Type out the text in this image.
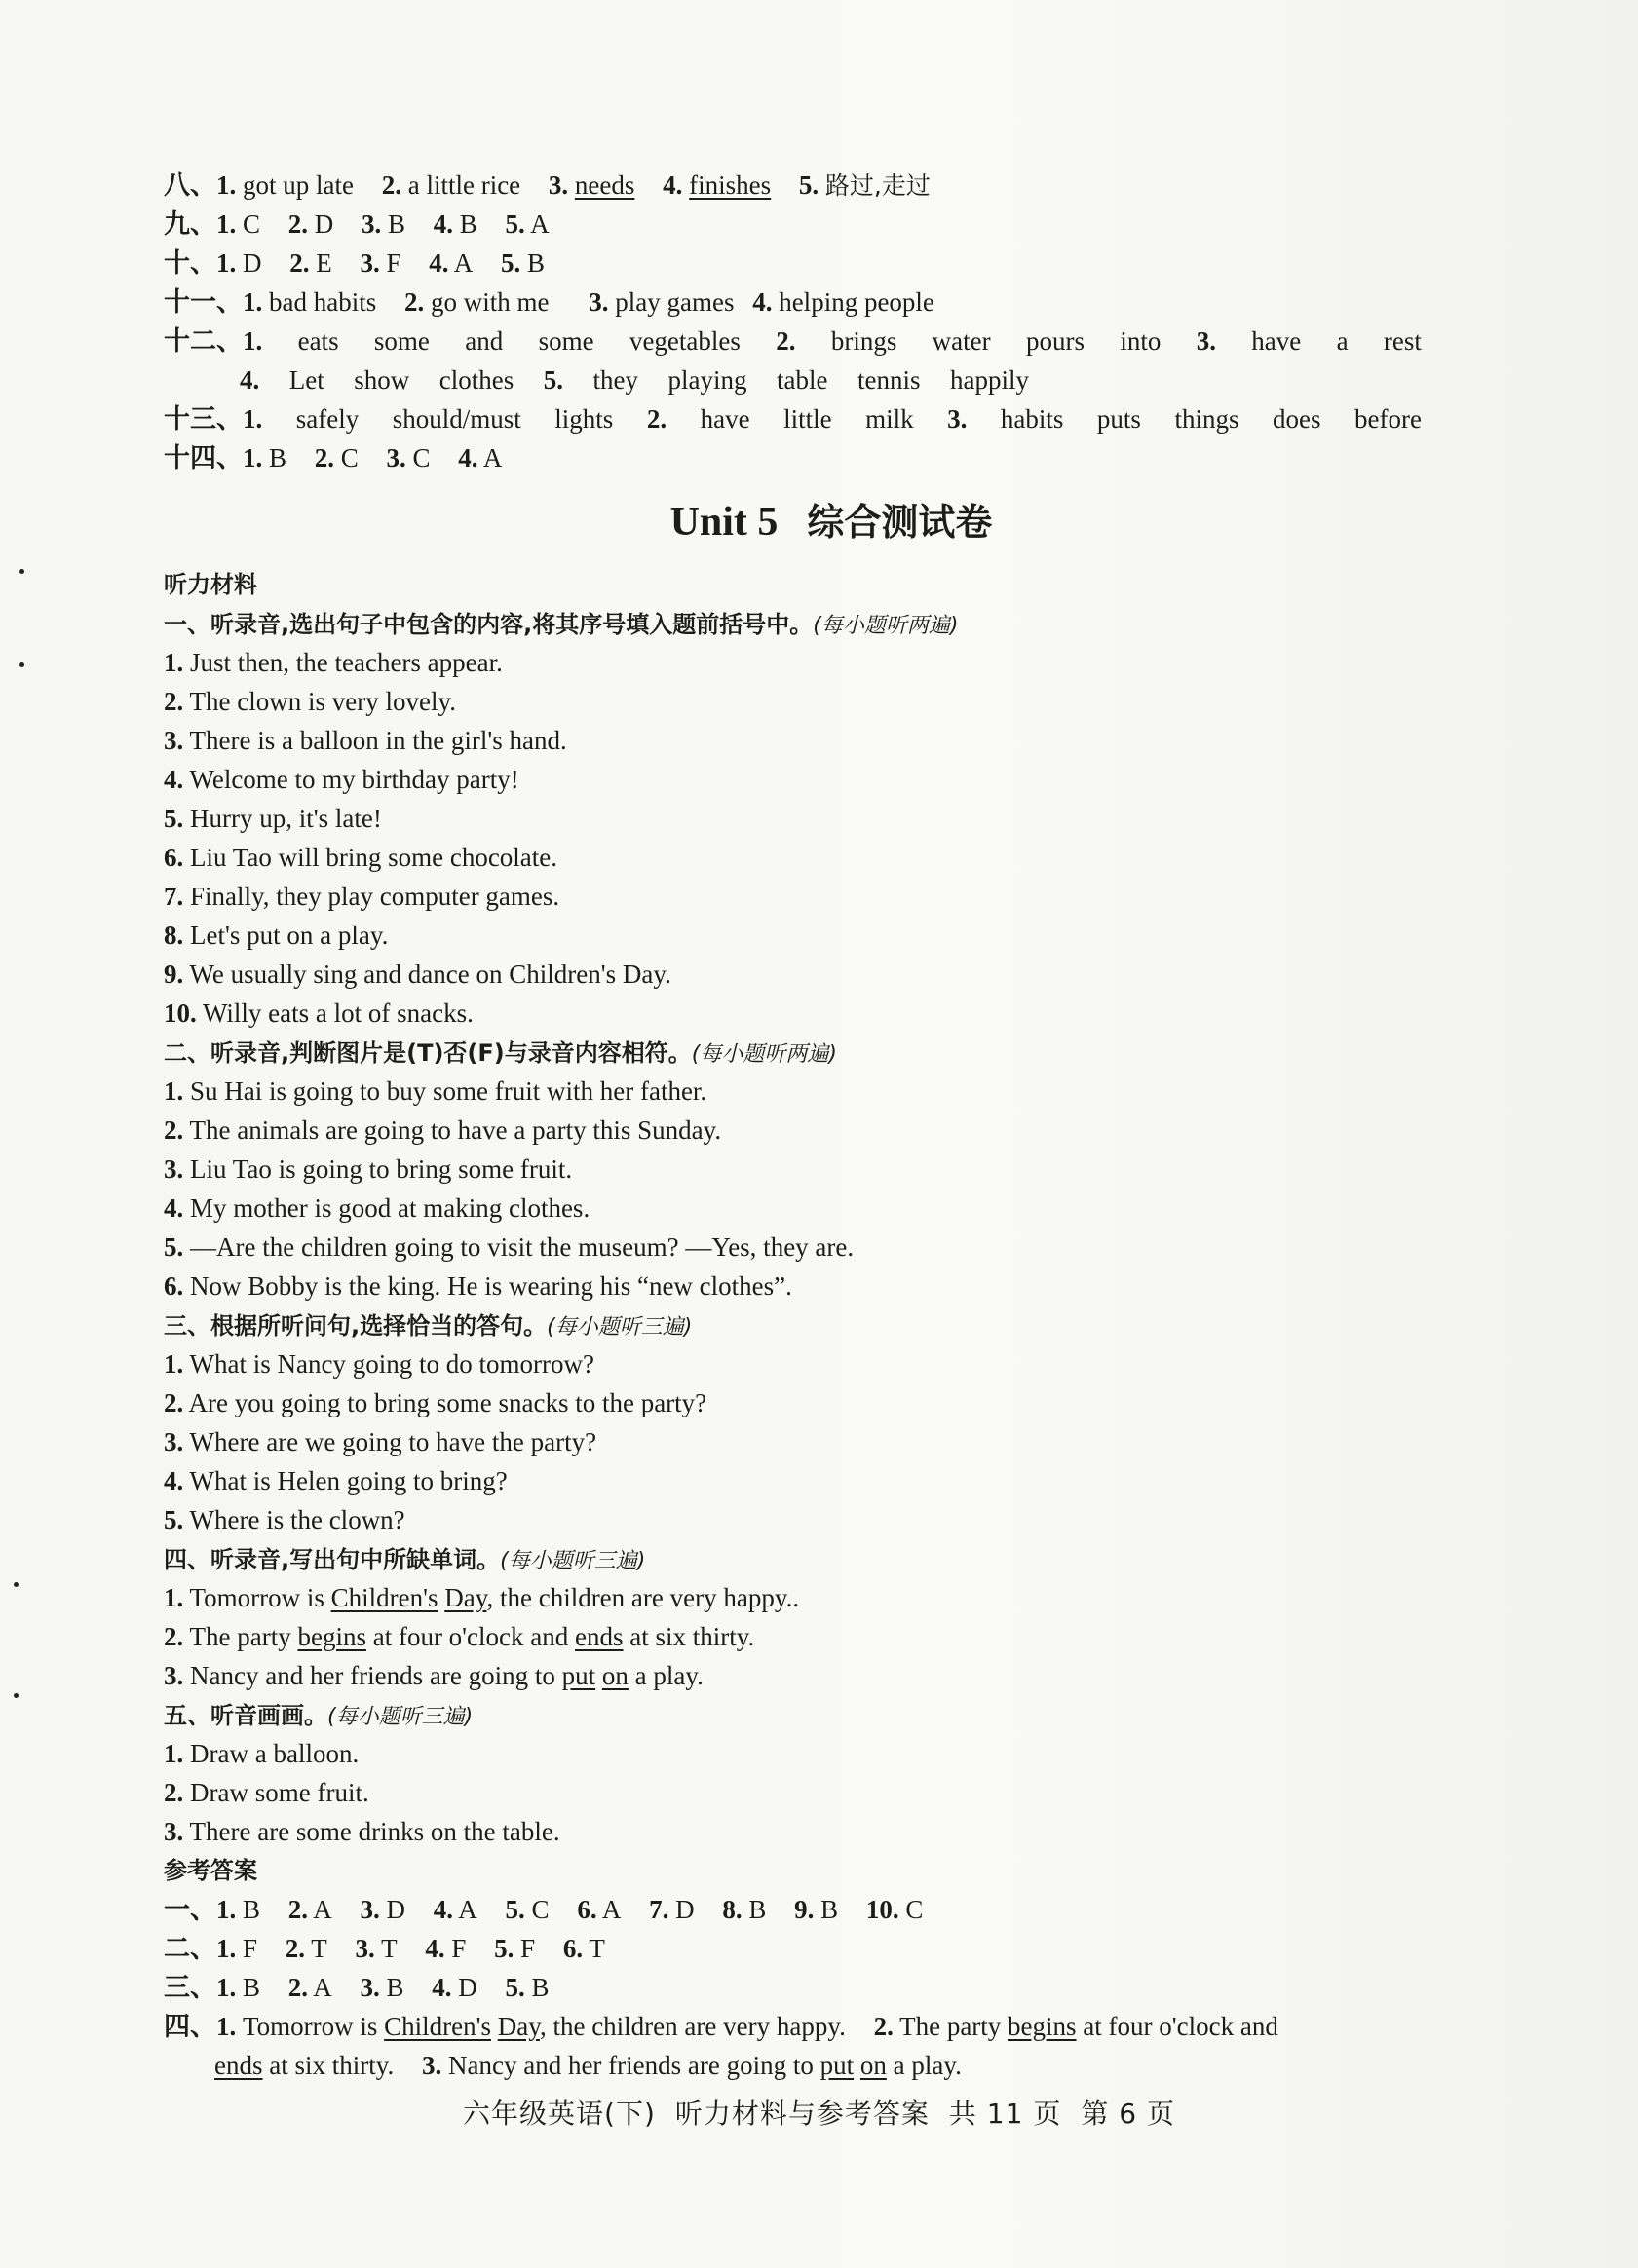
八、1. got up late 2. a little rice 3. needs 4. finishes 5. 路过,走过
九、1. C 2. D 3. B 4. B 5. A
十、1. D 2. E 3. F 4. A 5. B
十一、1. bad habits 2. go with me 3. play games 4. helping people
十二、 1. eats some and some vegetables 2. brings water pours into 3. have a rest
4. Let show clothes 5. they playing table tennis happily
十三、 1. safely should/must lights 2. have little milk 3. habits puts things does before
十四、1. B 2. C 3. C 4. A
Unit 5 综合测试卷
听力材料
一、听录音,选出句子中包含的内容,将其序号填入题前括号中。(每小题听两遍)
1. Just then, the teachers appear.
2. The clown is very lovely.
3. There is a balloon in the girl's hand.
4. Welcome to my birthday party!
5. Hurry up, it's late!
6. Liu Tao will bring some chocolate.
7. Finally, they play computer games.
8. Let's put on a play.
9. We usually sing and dance on Children's Day.
10. Willy eats a lot of snacks.
二、听录音,判断图片是(T)否(F)与录音内容相符。(每小题听两遍)
1. Su Hai is going to buy some fruit with her father.
2. The animals are going to have a party this Sunday.
3. Liu Tao is going to bring some fruit.
4. My mother is good at making clothes.
5. —Are the children going to visit the museum? —Yes, they are.
6. Now Bobby is the king. He is wearing his “new clothes”.
三、根据所听问句,选择恰当的答句。(每小题听三遍)
1. What is Nancy going to do tomorrow?
2. Are you going to bring some snacks to the party?
3. Where are we going to have the party?
4. What is Helen going to bring?
5. Where is the clown?
四、听录音,写出句中所缺单词。(每小题听三遍)
1. Tomorrow is Children's Day, the children are very happy..
2. The party begins at four o'clock and ends at six thirty.
3. Nancy and her friends are going to put on a play.
五、听音画画。(每小题听三遍)
1. Draw a balloon.
2. Draw some fruit.
3. There are some drinks on the table.
参考答案
一、1. B 2. A 3. D 4. A 5. C 6. A 7. D 8. B 9. B 10. C
二、1. F 2. T 3. T 4. F 5. F 6. T
三、1. B 2. A 3. B 4. D 5. B
四、1. Tomorrow is Children's Day, the children are very happy. 2. The party begins at four o'clock and
ends at six thirty. 3. Nancy and her friends are going to put on a play.
六年级英语(下) 听力材料与参考答案 共 11 页 第 6 页
